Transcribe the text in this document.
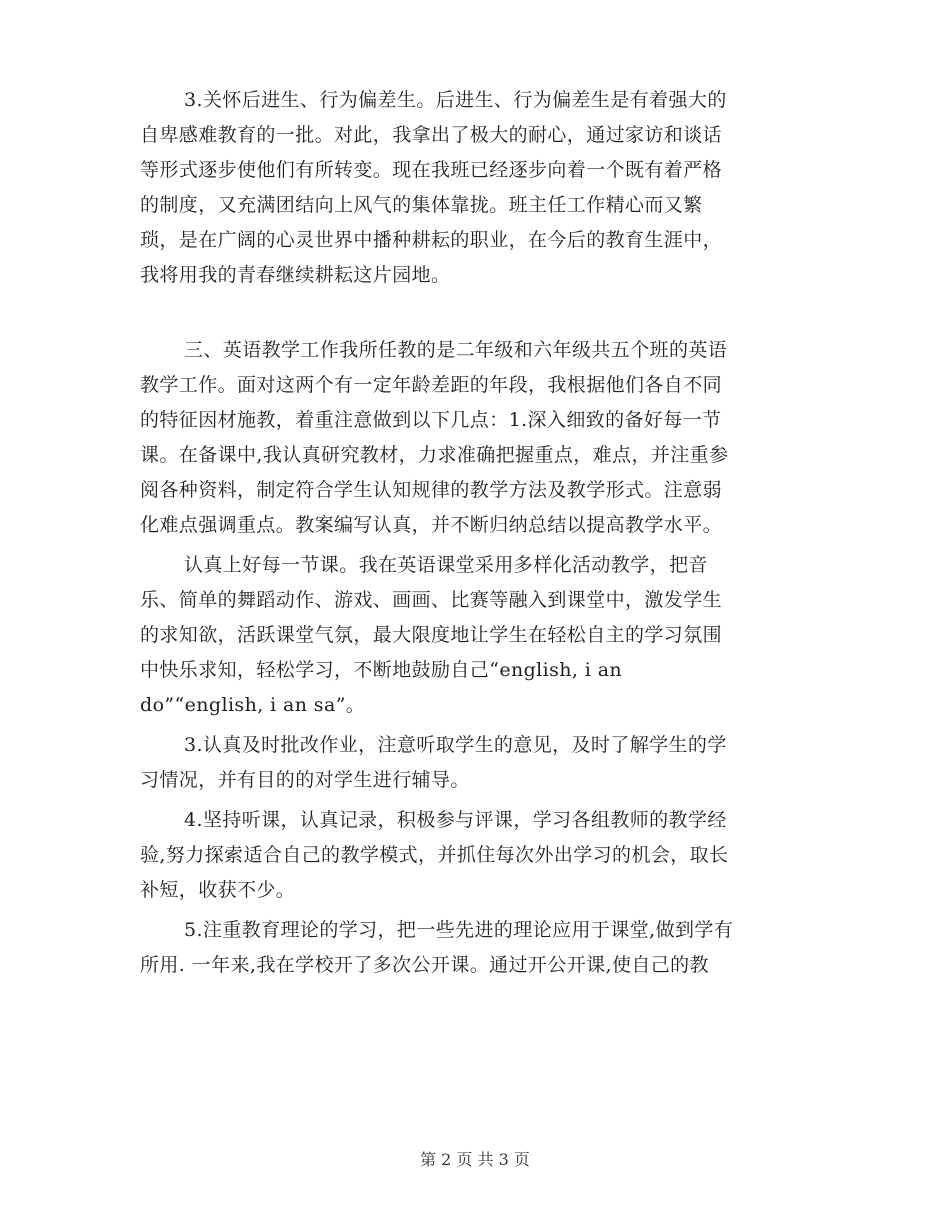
3.关怀后进生、行为偏差生。后进生、行为偏差生是有着强大的
自卑感难教育的一批。对此，我拿出了极大的耐心，通过家访和谈话
等形式逐步使他们有所转变。现在我班已经逐步向着一个既有着严格
的制度，又充满团结向上风气的集体靠拢。班主任工作精心而又繁
琐，是在广阔的心灵世界中播种耕耘的职业，在今后的教育生涯中，
我将用我的青春继续耕耘这片园地。
三、英语教学工作我所任教的是二年级和六年级共五个班的英语
教学工作。面对这两个有一定年龄差距的年段，我根据他们各自不同
的特征因材施教，着重注意做到以下几点：1.深入细致的备好每一节
课。在备课中,我认真研究教材，力求准确把握重点，难点，并注重参
阅各种资料，制定符合学生认知规律的教学方法及教学形式。注意弱
化难点强调重点。教案编写认真，并不断归纳总结以提高教学水平。
认真上好每一节课。我在英语课堂采用多样化活动教学，把音
乐、简单的舞蹈动作、游戏、画画、比赛等融入到课堂中，激发学生
的求知欲，活跃课堂气氛，最大限度地让学生在轻松自主的学习氛围
中快乐求知，轻松学习，不断地鼓励自己“english, i an
do”“english, i an sa”。
3.认真及时批改作业，注意听取学生的意见，及时了解学生的学
习情况，并有目的的对学生进行辅导。
4.坚持听课，认真记录，积极参与评课，学习各组教师的教学经
验,努力探索适合自己的教学模式，并抓住每次外出学习的机会，取长
补短，收获不少。
5.注重教育理论的学习，把一些先进的理论应用于课堂,做到学有
所用. 一年来,我在学校开了多次公开课。通过开公开课,使自己的教
第 2 页 共 3 页
